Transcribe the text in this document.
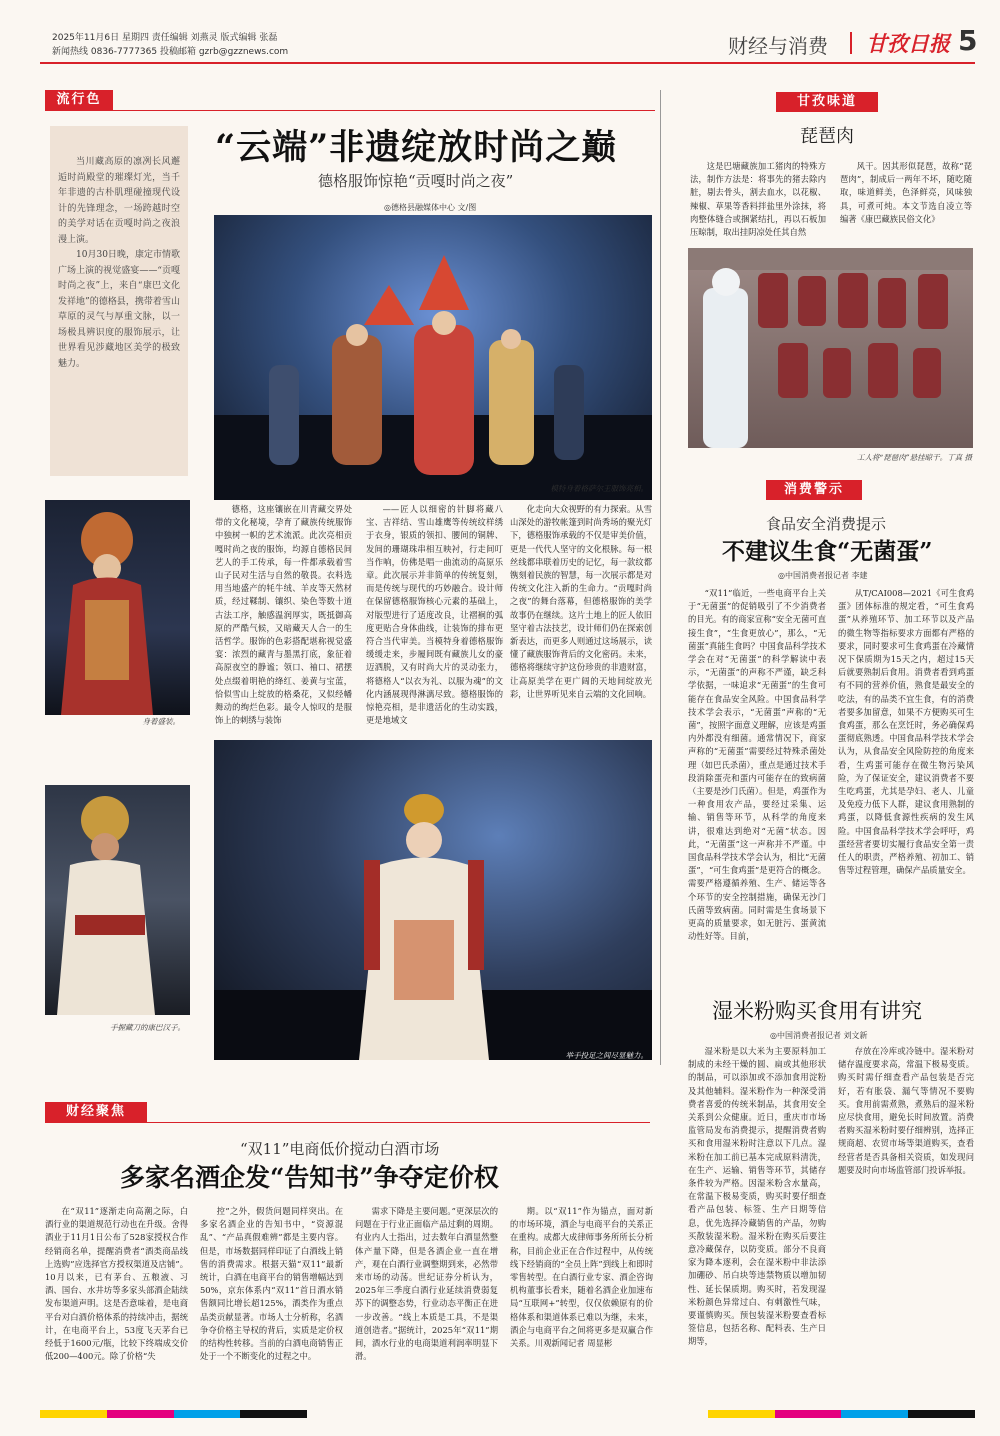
2025年11月6日 星期四 责任编辑 刘燕灵 版式编辑 张磊
新闻热线 0836-7777365 投稿邮箱 gzrb@gzznews.com	财经与消费 甘孜日报 5
流行色
当川藏高原的凛冽长风邂逅时尚殿堂的璀璨灯光，当千年非遗的古朴肌理碰撞现代设计的先锋理念，一场跨越时空的美学对话在贡嘎时尚之夜浪漫上演。
10月30日晚，康定市情歌广场上演的视觉盛宴——“贡嘎时尚之夜”上，来自“康巴文化发祥地”的德格县，携带着雪山草原的灵气与厚重文脉，以一场极具辨识度的服饰展示，让世界看见涉藏地区美学的极致魅力。
“云端”非遗绽放时尚之巅
德格服饰惊艳“贡嘎时尚之夜”
◎德格县融媒体中心 文/图
模特身着格萨尔王服饰亮相。
身着盛装。
手握藏刀的康巴汉子。
德格，这座镶嵌在川青藏交界处带的文化秘境，孕育了藏族传统服饰中独树一帜的艺术流派。此次亮相贡嘎时尚之夜的服饰，均源自德格民间艺人的手工传承，每一件都承载着雪山子民对生活与自然的敬畏。衣料选用当地盛产的牦牛绒、羊皮等天然材质，经过鞣制、镶织、染色等数十道古法工序，触感温润厚实，既抵御高原的严酷气候，又暗藏天人合一的生活哲学。服饰的色彩搭配堪称视觉盛宴：浓烈的藏青与墨黑打底，象征着高原夜空的静谧；领口、袖口、裙摆处点缀着明艳的绛红、姜黄与宝蓝，恰似雪山上绽放的格桑花，又似经幡舞动的绚烂色彩。最令人惊叹的是服饰上的刺绣与装饰
——匠人以细密的针脚将藏八宝、吉祥结、雪山雄鹰等传统纹样绣于衣身，银质的领扣、腰间的铜牌、发间的珊瑚珠串相互映衬，行走间叮当作响，仿佛是唱一曲流动的高原乐章。此次展示并非简单的传统复刻，而是传统与现代的巧妙融合。设计师在保留德格服饰核心元素的基础上，对版型进行了适度改良，让褶裥的弧度更贴合身体曲线，让装饰的排布更符合当代审美。当模特身着德格服饰缓缓走来，步履间既有藏族儿女的豪迈洒脱，又有时尚大片的灵动张力，将德格人“以衣为礼、以服为魂”的文化内涵展现得淋漓尽致。德格服饰的惊艳亮相，是非遗活化的生动实践，更是地域文
化走向大众视野的有力探索。从雪山深处的游牧帐篷到时尚秀场的聚光灯下，德格服饰承载的不仅是审美价值，更是一代代人坚守的文化根脉。每一根丝线都串联着历史的记忆，每一款纹都镌刻着民族的智慧，每一次展示都是对传统文化注入新的生命力。“贡嘎时尚之夜”的舞台落幕，但德格服饰的美学故事仍在继续。这片土地上的匠人依旧坚守着古法技艺，设计师们仍在探索创新表达，而更多人则通过这场展示，读懂了藏族服饰背后的文化密码。未来，德格将继续守护这份珍贵的非遗财富，让高原美学在更广阔的天地间绽放光彩，让世界听见来自云端的文化回响。
举手投足之间尽显魅力。
甘孜味道
琵琶肉
这是巴塘藏族加工猪肉的特殊方法，制作方法是：将事先的猪去除内脏，剔去骨头，割去血水，以花椒、辣椒、草果等香料拌盐里外涂抹，将肉整体缝合或捆紧结扎，再以石板加压晾制，取出挂阴凉处任其自然
风干。因其形似琵琶，故称“琵琶肉”，制成后一两年不坏，随吃随取，味道鲜美，色泽鲜亮，风味独具，可煮可炖。本文节选自凌立等编著《康巴藏族民俗文化》
工人将“琵琶肉”悬挂晾干。丁真 摄
消费警示
食品安全消费提示
不建议生食“无菌蛋”
◎中国消费者报记者 李建
“双11”临近，一些电商平台上关于“无菌蛋”的促销吸引了不少消费者的目光。有的商家宣称“安全无菌可直接生食”，“生食更放心”，那么，“无菌蛋”真能生食吗？中国食品科学技术学会在对“无菌蛋”的科学解读中表示，“无菌蛋”的声称不严谨，缺乏科学依据，一味追求“无菌蛋”的生食可能存在食品安全风险。中国食品科学技术学会表示，“无菌蛋”声称的“无菌”，按照字面意义理解，应该是鸡蛋内外都没有细菌。通常情况下，商家声称的“无菌蛋”需要经过特殊杀菌处理（如巴氏杀菌），重点是通过技术手段消除蛋壳和蛋内可能存在的致病菌（主要是沙门氏菌）。但是，鸡蛋作为一种食用农产品，要经过采集、运输、销售等环节，从科学的角度来讲，很难达到绝对“无菌”状态。因此，“无菌蛋”这一声称并不严谨。中国食品科学技术学会认为，相比“无菌蛋”，“可生食鸡蛋”是更符合的概念。需要严格遵循养殖、生产、储运等各个环节的安全控制措施，确保无沙门氏菌等致病菌。同时需是生食场景下更高的质量要求，如无脏污、蛋黄流动性好等。目前，
从T/CAI008—2021《可生食鸡蛋》团体标准的规定看，“可生食鸡蛋”从养殖环节、加工环节以及产品的微生物等指标要求方面都有严格的要求，同时要求可生食鸡蛋在冷藏情况下保质期为15天之内，超过15天后就要熟制后食用。消费者看到鸡蛋有不同的营养价值，熟食是最安全的吃法，有的品类不宜生食，有的消费者要多加留意，如果不方便购买可生食鸡蛋，那么在烹饪时，务必确保鸡蛋彻底熟透。中国食品科学技术学会认为，从食品安全风险防控的角度来看，生鸡蛋可能存在微生物污染风险，为了保证安全，建议消费者不要生吃鸡蛋，尤其是孕妇、老人、儿童及免疫力低下人群，建议食用熟制的鸡蛋，以降低食源性疾病的发生风险。中国食品科学技术学会呼吁，鸡蛋经营者要切实履行食品安全第一责任人的职责，严格养殖、初加工、销售等过程管理，确保产品质量安全。
湿米粉购买食用有讲究
◎中国消费者报记者 刘文新
湿米粉是以大米为主要原料加工制成的未经干燥的圆、扁或其他形状的制品，可以添加或不添加食用淀粉及其他辅料。湿米粉作为一种深受消费者喜爱的传统米制品，其食用安全关系到公众健康。近日，重庆市市场监管局发布消费提示，提醒消费者购买和食用湿米粉时注意以下几点。湿米粉在加工前已基本完成原料清洗，在生产、运输、销售等环节，其储存条件较为严格。因湿米粉含水量高，在常温下极易变质，购买时要仔细查看产品包装、标签、生产日期等信息，优先选择冷藏销售的产品，勿购买散装湿米粉。湿米粉在购买后要注意冷藏保存，以防变质。部分不良商家为降本逐利，会在湿米粉中非法添加硼砂、吊白块等违禁物质以增加韧性、延长保质期。购买时，若发现湿米粉颜色异常过白、有刺激性气味，要谨慎购买。预包装湿米粉要查看标签信息，包括名称、配料表、生产日期等，
存放在冷库或冷链中。湿米粉对储存温度要求高，常温下极易变质。购买时需仔细查看产品包装是否完好，若有胀袋、漏气等情况不要购买。食用前需煮熟，煮熟后的湿米粉应尽快食用，避免长时间放置。消费者购买湿米粉时要仔细辨别，选择正规商超、农贸市场等渠道购买，查看经营者是否具备相关资质，如发现问题要及时向市场监管部门投诉举报。
财经聚焦
“双11”电商低价搅动白酒市场
多家名酒企发“告知书”争夺定价权
在“双11”逐渐走向高潮之际，白酒行业的渠道规范行动也在升级。舍得酒业于11月1日公布了528家授权合作经销商名单，提醒消费者“酒类商品线上选购”应选择官方授权渠道及店铺”。10月以来，已有茅台、五粮液、习酒、国台、水井坊等多家头部酒企陆续发布渠道声明。这是否意味着，是电商平台对白酒价格体系的持续冲击，据统计，在电商平台上，53度飞天茅台已经低于1600元/瓶，比较下终端成交价低200—400元。除了价格“失
控”之外，假货问题同样突出。在多家名酒企业的告知书中，“资源混乱”、“产品真假难辨”都是主要内容。但是，市场数据同样印证了白酒线上销售的消费需求。根据天猫“双11”最新统计，白酒在电商平台的销售增幅达到50%，京东体系内“双11”首日酒水销售额同比增长超125%，酒类作为重点品类贡献显著。市场人士分析称，名酒争夺价格主导权的背后，实质是定价权的结构性转移。当前的白酒电商销售正处于一个不断变化的过程之中。
需求下降是主要问题。”更深层次的问题在于行业正面临产品过剩的周期。有业内人士指出，过去数年白酒显然整体产量下降，但是各酒企业一直在增产，观在白酒行业调整期到来，必然带来市场的动荡。世纪证券分析认为，2025年三季度白酒行业延续消费弱复苏下的调整态势，行业动态平衡正在进一步改善。“线上本质是工具，不是渠道创造者。”据统计，2025年“双11”期间，酒水行业的电商渠道利润率明显下滑。
期。以“双11”作为锚点，面对新的市场环境，酒企与电商平台的关系正在重构。成都大成律师事务所所长分析称，目前企业正在合作过程中，从传统线下经销商的“全员上阵”到线上和即时零售转型。在白酒行业专家、酒企咨询机构董事长看来，随着名酒企业加速布局“互联网+”转型，仅仅依赖原有的价格体系和渠道体系已难以为继，未来，酒企与电商平台之间将更多是双赢合作关系。川观新闻记者 周显彬
